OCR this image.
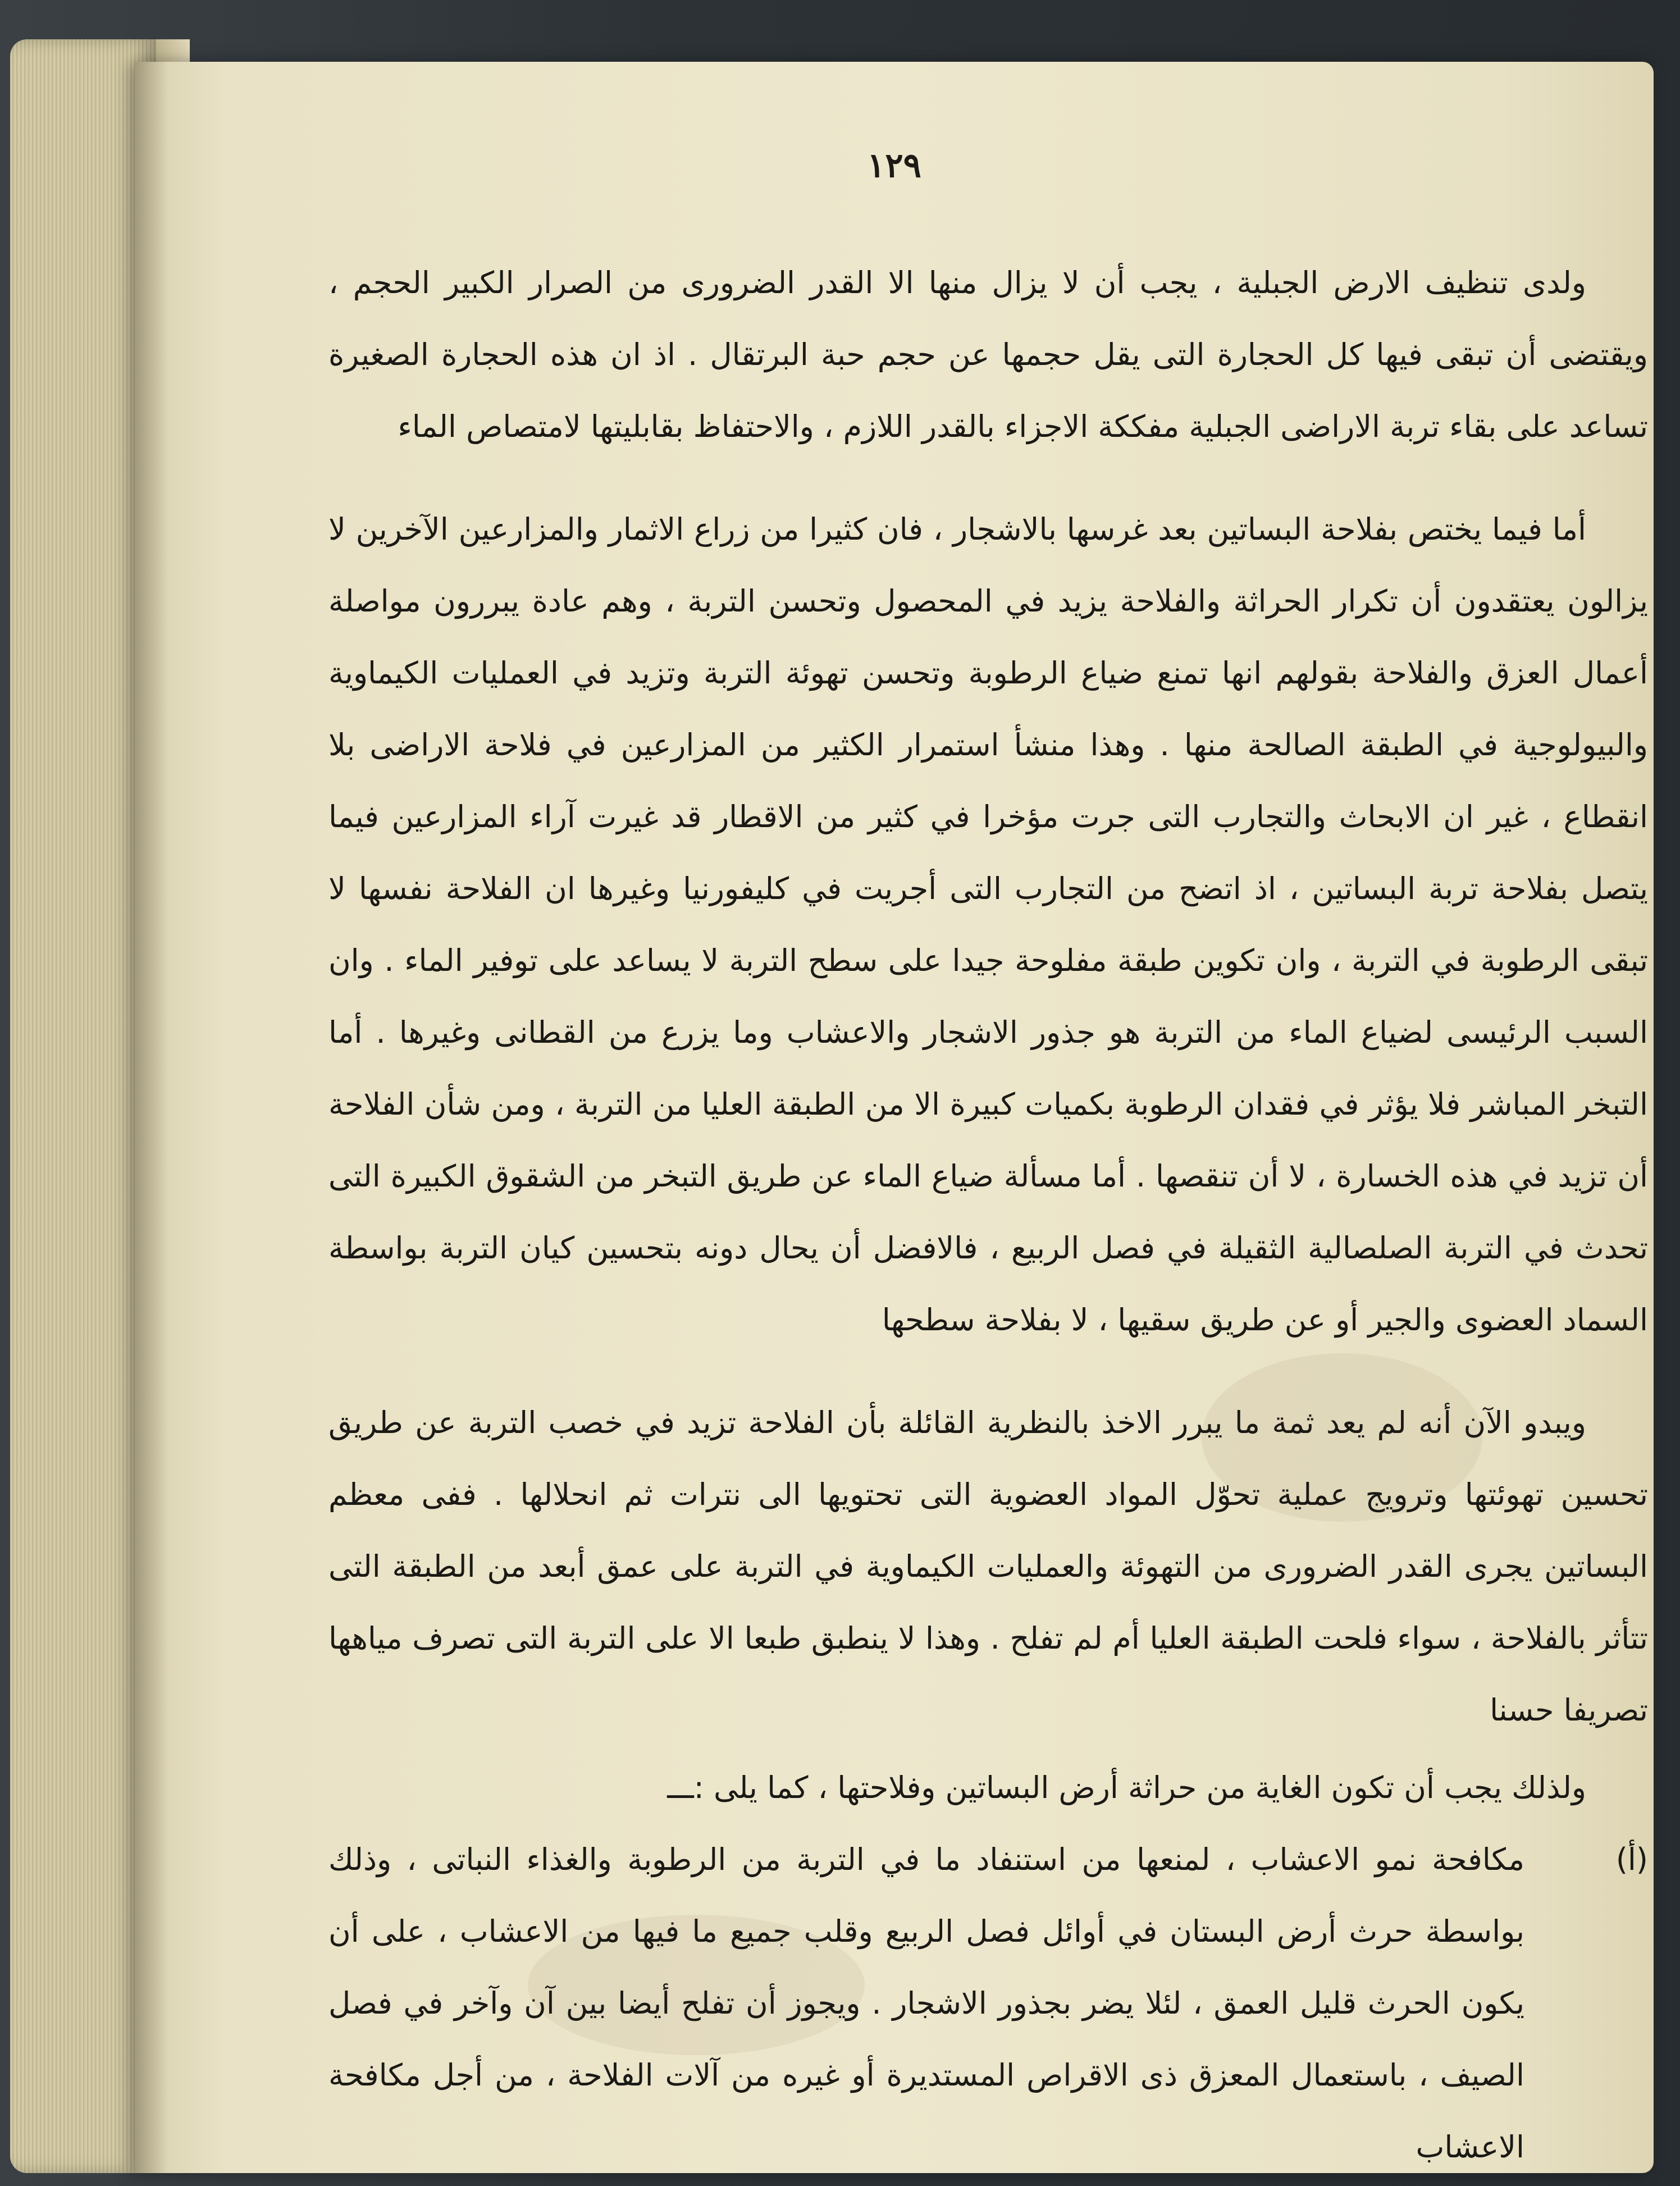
١٢٩

ولدى تنظيف الارض الجبلية ، يجب أن لا يزال منها الا القدر الضرورى من الصرار الكبير الحجم ، ويقتضى أن تبقى فيها كل الحجارة التى يقل حجمها عن حجم حبة البرتقال . اذ ان هذه الحجارة الصغيرة تساعد على بقاء تربة الاراضى الجبلية مفككة الاجزاء بالقدر اللازم ، والاحتفاظ بقابليتها لامتصاص الماء

أما فيما يختص بفلاحة البساتين بعد غرسها بالاشجار ، فان كثيرا من زراع الاثمار والمزارعين الآخرين لا يزالون يعتقدون أن تكرار الحراثة والفلاحة يزيد في المحصول وتحسن التربة ، وهم عادة يبررون مواصلة أعمال العزق والفلاحة بقولهم انها تمنع ضياع الرطوبة وتحسن تهوئة التربة وتزيد في العمليات الكيماوية والبيولوجية في الطبقة الصالحة منها . وهذا منشأ استمرار الكثير من المزارعين في فلاحة الاراضى بلا انقطاع ، غير ان الابحاث والتجارب التى جرت مؤخرا في كثير من الاقطار قد غيرت آراء المزارعين فيما يتصل بفلاحة تربة البساتين ، اذ اتضح من التجارب التى أجريت في كليفورنيا وغيرها ان الفلاحة نفسها لا تبقى الرطوبة في التربة ، وان تكوين طبقة مفلوحة جيدا على سطح التربة لا يساعد على توفير الماء . وان السبب الرئيسى لضياع الماء من التربة هو جذور الاشجار والاعشاب وما يزرع من القطانى وغيرها . أما التبخر المباشر فلا يؤثر في فقدان الرطوبة بكميات كبيرة الا من الطبقة العليا من التربة ، ومن شأن الفلاحة أن تزيد في هذه الخسارة ، لا أن تنقصها . أما مسألة ضياع الماء عن طريق التبخر من الشقوق الكبيرة التى تحدث في التربة الصلصالية الثقيلة في فصل الربيع ، فالافضل أن يحال دونه بتحسين كيان التربة بواسطة السماد العضوى والجير أو عن طريق سقيها ، لا بفلاحة سطحها

ويبدو الآن أنه لم يعد ثمة ما يبرر الاخذ بالنظرية القائلة بأن الفلاحة تزيد في خصب التربة عن طريق تحسين تهوئتها وترويج عملية تحوّل المواد العضوية التى تحتويها الى نترات ثم انحلالها . ففى معظم البساتين يجرى القدر الضرورى من التهوئة والعمليات الكيماوية في التربة على عمق أبعد من الطبقة التى تتأثر بالفلاحة ، سواء فلحت الطبقة العليا أم لم تفلح . وهذا لا ينطبق طبعا الا على التربة التى تصرف مياهها تصريفا حسنا

ولذلك يجب أن تكون الغاية من حراثة أرض البساتين وفلاحتها ، كما يلى :ـــ

(أ)مكافحة نمو الاعشاب ، لمنعها من استنفاد ما في التربة من الرطوبة والغذاء النباتى ، وذلك بواسطة حرث أرض البستان في أوائل فصل الربيع وقلب جميع ما فيها من الاعشاب ، على أن يكون الحرث قليل العمق ، لئلا يضر بجذور الاشجار . ويجوز أن تفلح أيضا بين آن وآخر في فصل الصيف ، باستعمال المعزق ذى الاقراص المستديرة أو غيره من آلات الفلاحة ، من أجل مكافحة الاعشاب
